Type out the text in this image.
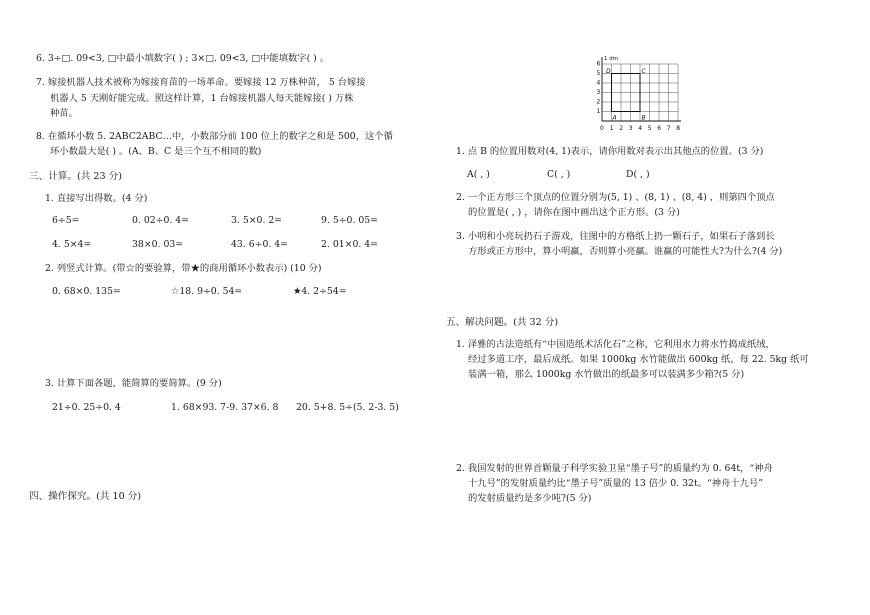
6. 3÷□. 09<3, □中最小填数字( ) ; 3×□. 09<3, □中能填数字( ) 。
7. 嫁接机器人技术被称为嫁接育苗的一场革命。要嫁接 12 万株种苗， 5 台嫁接
机器人 5 天刚好能完成。照这样计算，1 台嫁接机器人每天能嫁接( ) 万株
种苗。
8. 在循环小数 5. 2ABC2ABC…中，小数部分前 100 位上的数字之和是 500，这个循
环小数最大是( ) 。(A、B、C 是三个互不相同的数)
三、计算。(共 23 分)
1. 直接写出得数。(4 分)
6÷5=	0. 02÷0. 4=	3. 5×0. 2=	9. 5÷0. 05=
4. 5×4=	38×0. 03=	43. 6÷0. 4=	2. 01×0. 4=
2. 列竖式计算。(带☆的要验算，带★的商用循环小数表示) (10 分)
0. 68×0. 135=	☆18. 9÷0. 54=	★4. 2÷54=
3. 计算下面各题，能简算的要简算。(9 分)
21÷0. 25÷0. 4	1. 68×93. 7-9. 37×6. 8 20. 5+8. 5÷(5. 2-3. 5)
四、操作探究。(共 10 分)
1 dm
1
2
3
4
5
6
0 1 2 3 4 5 6 7 8
D	C
A	B
1. 点 B 的位置用数对(4, 1)表示，请你用数对表示出其他点的位置。(3 分)
A( , )	C( , )	D( , )
2. 一个正方形三个顶点的位置分别为(5, 1) 、(8, 1) 、(8, 4) ，则第四个顶点
的位置是( , ) ，请你在图中画出这个正方形。(3 分)
3. 小明和小亮玩扔石子游戏，往图中的方格纸上扔一颗石子，如果石子落到长
方形或正方形中，算小明赢，否则算小亮赢。谁赢的可能性大?为什么?(4 分)
五、解决问题。(共 32 分)
1. 泽雅的古法造纸有“中国造纸术活化石”之称，它利用水力将水竹捣成纸绒，
经过多道工序，最后成纸。如果 1000kg 水竹能做出 600kg 纸，每 22. 5kg 纸可
装满一箱，那么 1000kg 水竹做出的纸最多可以装满多少箱?(5 分)
2. 我国发射的世界首颗量子科学实验卫星“墨子号”的质量约为 0. 64t，“神舟
十九号”的发射质量约比“墨子号”质量的 13 倍少 0. 32t。“神舟十九号”
的发射质量约是多少吨?(5 分)
